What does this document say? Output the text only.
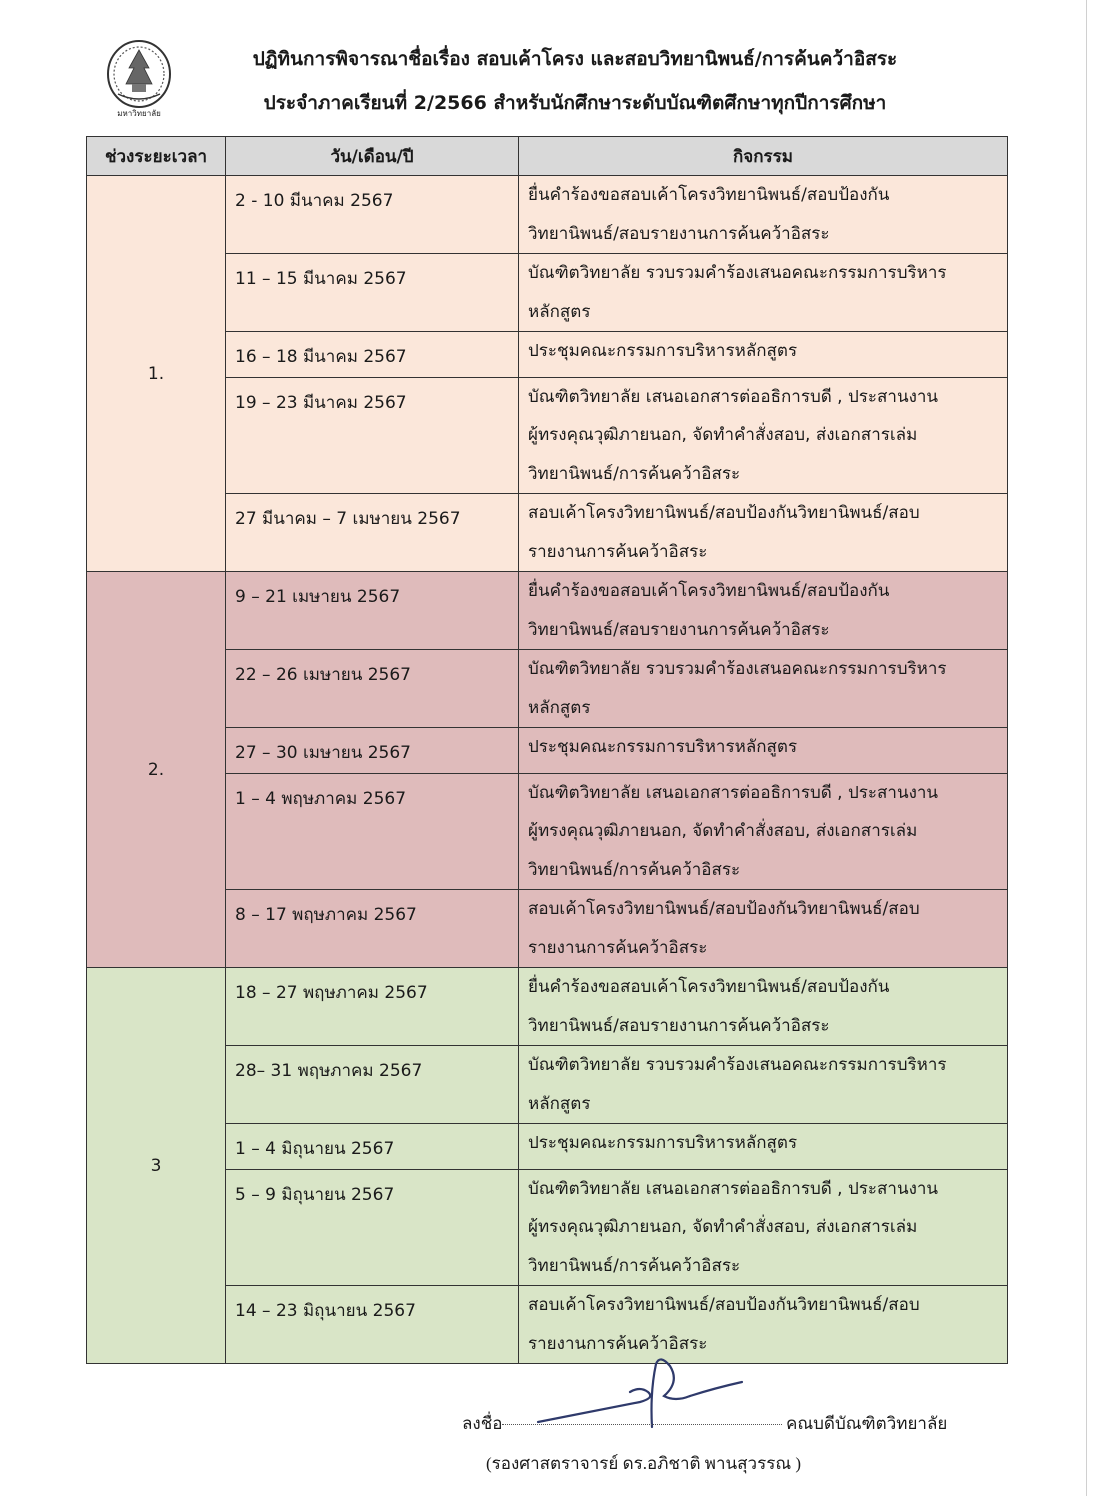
มหาวิทยาลัย
ปฏิทินการพิจารณาชื่อเรื่อง สอบเค้าโครง และสอบวิทยานิพนธ์/การค้นคว้าอิสระ
ประจำภาคเรียนที่ 2/2566 สำหรับนักศึกษาระดับบัณฑิตศึกษาทุกปีการศึกษา
ช่วงระยะเวลา	วัน/เดือน/ปี	กิจกรรม
1.	2 - 10 มีนาคม 2567	ยื่นคำร้องขอสอบเค้าโครงวิทยานิพนธ์/สอบป้องกัน
วิทยานิพนธ์/สอบรายงานการค้นคว้าอิสระ

	11 – 15 มีนาคม 2567	บัณฑิตวิทยาลัย รวบรวมคำร้องเสนอคณะกรรมการบริหาร
หลักสูตร

	16 – 18 มีนาคม 2567	ประชุมคณะกรรมการบริหารหลักสูตร

	19 – 23 มีนาคม 2567	บัณฑิตวิทยาลัย เสนอเอกสารต่ออธิการบดี , ประสานงาน
ผู้ทรงคุณวุฒิภายนอก, จัดทำคำสั่งสอบ, ส่งเอกสารเล่ม
วิทยานิพนธ์/การค้นคว้าอิสระ

	27 มีนาคม – 7 เมษายน 2567	สอบเค้าโครงวิทยานิพนธ์/สอบป้องกันวิทยานิพนธ์/สอบ
รายงานการค้นคว้าอิสระ

2.	9 – 21 เมษายน 2567	ยื่นคำร้องขอสอบเค้าโครงวิทยานิพนธ์/สอบป้องกัน
วิทยานิพนธ์/สอบรายงานการค้นคว้าอิสระ

	22 – 26 เมษายน 2567	บัณฑิตวิทยาลัย รวบรวมคำร้องเสนอคณะกรรมการบริหาร
หลักสูตร

	27 – 30 เมษายน 2567	ประชุมคณะกรรมการบริหารหลักสูตร

	1 – 4 พฤษภาคม 2567	บัณฑิตวิทยาลัย เสนอเอกสารต่ออธิการบดี , ประสานงาน
ผู้ทรงคุณวุฒิภายนอก, จัดทำคำสั่งสอบ, ส่งเอกสารเล่ม
วิทยานิพนธ์/การค้นคว้าอิสระ

	8 – 17 พฤษภาคม 2567	สอบเค้าโครงวิทยานิพนธ์/สอบป้องกันวิทยานิพนธ์/สอบ
รายงานการค้นคว้าอิสระ

3	18 – 27 พฤษภาคม 2567	ยื่นคำร้องขอสอบเค้าโครงวิทยานิพนธ์/สอบป้องกัน
วิทยานิพนธ์/สอบรายงานการค้นคว้าอิสระ

	28– 31 พฤษภาคม 2567	บัณฑิตวิทยาลัย รวบรวมคำร้องเสนอคณะกรรมการบริหาร
หลักสูตร

	1 – 4 มิถุนายน 2567	ประชุมคณะกรรมการบริหารหลักสูตร

	5 – 9 มิถุนายน 2567	บัณฑิตวิทยาลัย เสนอเอกสารต่ออธิการบดี , ประสานงาน
ผู้ทรงคุณวุฒิภายนอก, จัดทำคำสั่งสอบ, ส่งเอกสารเล่ม
วิทยานิพนธ์/การค้นคว้าอิสระ

	14 – 23 มิถุนายน 2567	สอบเค้าโครงวิทยานิพนธ์/สอบป้องกันวิทยานิพนธ์/สอบ
รายงานการค้นคว้าอิสระ
ลงชื่อ	คณบดีบัณฑิตวิทยาลัย
(รองศาสตราจารย์ ดร.อภิชาติ พานสุวรรณ )
